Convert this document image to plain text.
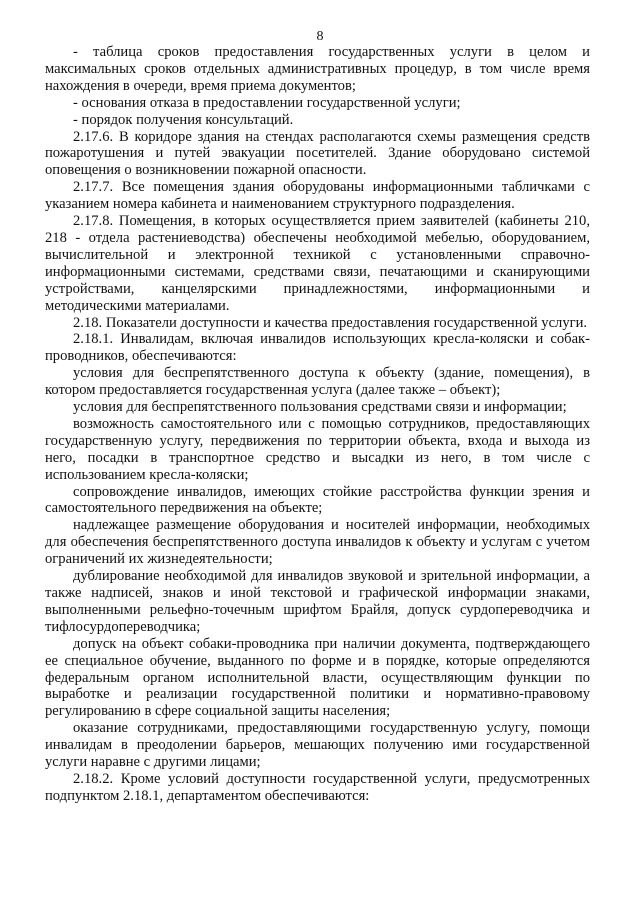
8

- таблица сроков предоставления государственных услуги в целом и максимальных сроков отдельных административных процедур, в том числе время нахождения в очереди, время приема документов;

- основания отказа в предоставлении государственной услуги;

- порядок получения консультаций.

2.17.6. В коридоре здания на стендах располагаются схемы размещения средств пожаротушения и путей эвакуации посетителей. Здание оборудовано системой оповещения о возникновении пожарной опасности.

2.17.7. Все помещения здания оборудованы информационными табличками с указанием номера кабинета и наименованием структурного подразделения.

2.17.8. Помещения, в которых осуществляется прием заявителей (кабинеты 210, 218 - отдела растениеводства) обеспечены необходимой мебелью, оборудованием, вычислительной и электронной техникой с установленными справочно-информационными системами, средствами связи, печатающими и сканирующими устройствами, канцелярскими принадлежностями, информационными и методическими материалами.

2.18. Показатели доступности и качества предоставления государственной услуги.

2.18.1. Инвалидам, включая инвалидов использующих кресла-коляски и собак-проводников, обеспечиваются:

условия для беспрепятственного доступа к объекту (здание, помещения), в котором предоставляется государственная услуга (далее также – объект);

условия для беспрепятственного пользования средствами связи и информации;

возможность самостоятельного или с помощью сотрудников, предоставляющих государственную услугу, передвижения по территории объекта, входа и выхода из него, посадки в транспортное средство и высадки из него, в том числе с использованием кресла-коляски;

сопровождение инвалидов, имеющих стойкие расстройства функции зрения и самостоятельного передвижения на объекте;

надлежащее размещение оборудования и носителей информации, необходимых для обеспечения беспрепятственного доступа инвалидов к объекту и услугам с учетом ограничений их жизнедеятельности;

дублирование необходимой для инвалидов звуковой и зрительной информации, а также надписей, знаков и иной текстовой и графической информации знаками, выполненными рельефно-точечным шрифтом Брайля, допуск сурдопереводчика и тифлосурдопереводчика;

допуск на объект собаки-проводника при наличии документа, подтверждающего ее специальное обучение, выданного по форме и в порядке, которые определяются федеральным органом исполнительной власти, осуществляющим функции по выработке и реализации государственной политики и нормативно-правовому регулированию в сфере социальной защиты населения;

оказание сотрудниками, предоставляющими государственную услугу, помощи инвалидам в преодолении барьеров, мешающих получению ими государственной услуги наравне с другими лицами;

2.18.2. Кроме условий доступности государственной услуги, предусмотренных подпунктом 2.18.1, департаментом обеспечиваются:
